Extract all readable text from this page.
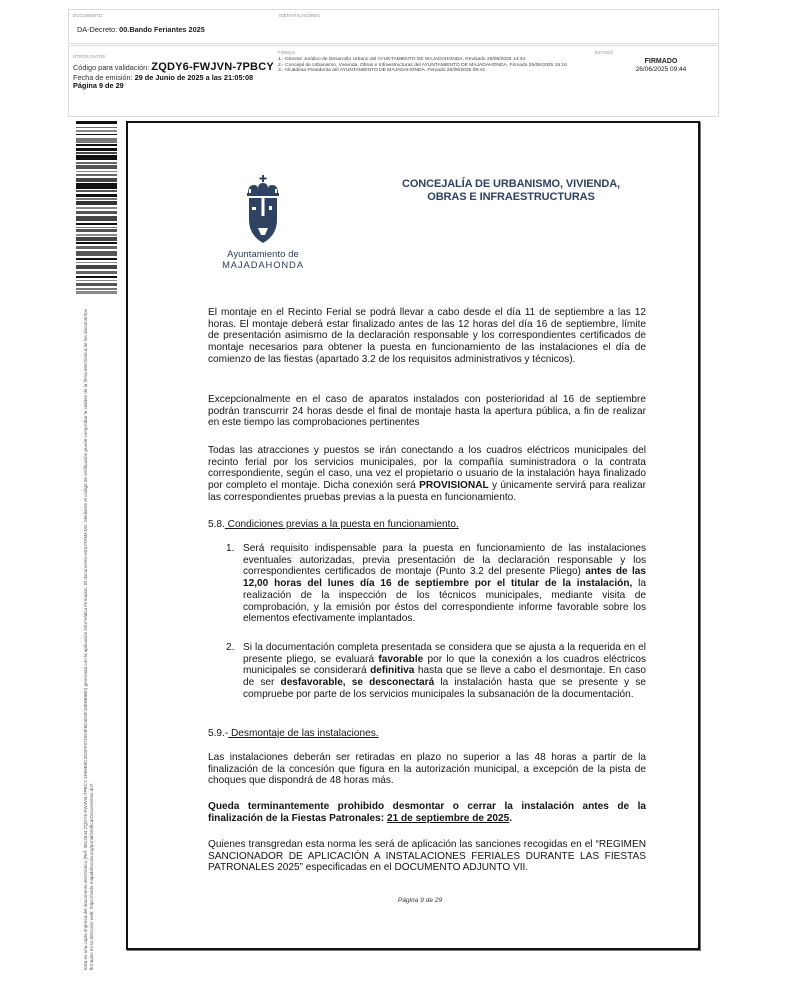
DOCUMENTO	IDENTIFICADORES
DA-Decreto: 00.Bando Feriantes 2025
OTROS DATOS
Código para validación: ZQDY6-FWJVN-7PBCY
Fecha de emisión: 29 de Junio de 2025 a las 21:05:08
Página 9 de 29
FIRMAS
1.- Director Jurídico de Desarrollo Urbano del AYUNTAMIENTO DE MAJADAHONDA. Revisado 25/06/2025 14:34
2.- Concejal de Urbanismo, Vivienda, Obras e Infraestructuras del AYUNTAMIENTO DE MAJADAHONDA. Firmado 25/06/2025 15:16
3.- Alcaldesa Presidenta del AYUNTAMIENTO DE MAJADAHONDA. Firmado 26/06/2025 09:44
ESTADO
FIRMADO
26/06/2025 09:44
Esta es una copia impresa del documento electrónico (Ref: 3612844 ZQDY6-FWJVN-7PBCY 4F69B9C2D3FF07DD4F6D4D0F10E6B9B0) generada con la aplicación informática Firmadoc. El documento está FIRMADO. Mediante el código de verificación puede comprobar la validez de la firma electrónica de los documentos firmados en la dirección web: https://sede.majadahonda.org/portal/verificarDocumentos.do?
Ayuntamiento de
MAJADAHONDA
CONCEJALÍA DE URBANISMO, VIVIENDA,
OBRAS E INFRAESTRUCTURAS
El montaje en el Recinto Ferial se podrá llevar a cabo desde el día 11 de septiembre a las 12 horas. El montaje deberá estar finalizado antes de las 12 horas del día 16 de septiembre, límite de presentación asimismo de la declaración responsable y los correspondientes certificados de montaje necesarios para obtener la puesta en funcionamiento de las instalaciones el día de comienzo de las fiestas (apartado 3.2 de los requisitos administrativos y técnicos).
Excepcionalmente en el caso de aparatos instalados con posterioridad al 16 de septiembre podrán transcurrir 24 horas desde el final de montaje hasta la apertura pública, a fin de realizar en este tiempo las comprobaciones pertinentes
Todas las atracciones y puestos se irán conectando a los cuadros eléctricos municipales del recinto ferial por los servicios municipales, por la compañía suministradora o la contrata correspondiente, según el caso, una vez el propietario o usuario de la instalación haya finalizado por completo el montaje. Dicha conexión será PROVISIONAL y únicamente servirá para realizar las correspondientes pruebas previas a la puesta en funcionamiento.
5.8. Condiciones previas a la puesta en funcionamiento.
1. Será requisito indispensable para la puesta en funcionamiento de las instalaciones eventuales autorizadas, previa presentación de la declaración responsable y los correspondientes certificados de montaje (Punto 3.2 del presente Pliego) antes de las 12,00 horas del lunes día 16 de septiembre por el titular de la instalación, la realización de la inspección de los técnicos municipales, mediante visita de comprobación, y la emisión por éstos del correspondiente informe favorable sobre los elementos efectivamente implantados.
2. Si la documentación completa presentada se considera que se ajusta a la requerida en el presente pliego, se evaluará favorable por lo que la conexión a los cuadros eléctricos municipales se considerará definitiva hasta que se lleve a cabo el desmontaje. En caso de ser desfavorable, se desconectará la instalación hasta que se presente y se compruebe por parte de los servicios municipales la subsanación de la documentación.
5.9.- Desmontaje de las instalaciones.
Las instalaciones deberán ser retiradas en plazo no superior a las 48 horas a partir de la finalización de la concesión que figura en la autorización municipal, a excepción de la pista de choques que dispondrá de 48 horas más.
Queda terminantemente prohibido desmontar o cerrar la instalación antes de la finalización de la Fiestas Patronales: 21 de septiembre de 2025.
Quienes transgredan esta norma les será de aplicación las sanciones recogidas en el “REGIMEN SANCIONADOR DE APLICACIÓN A INSTALACIONES FERIALES DURANTE LAS FIESTAS PATRONALES 2025” especificadas en el DOCUMENTO ADJUNTO VII.
Página 9 de 29
